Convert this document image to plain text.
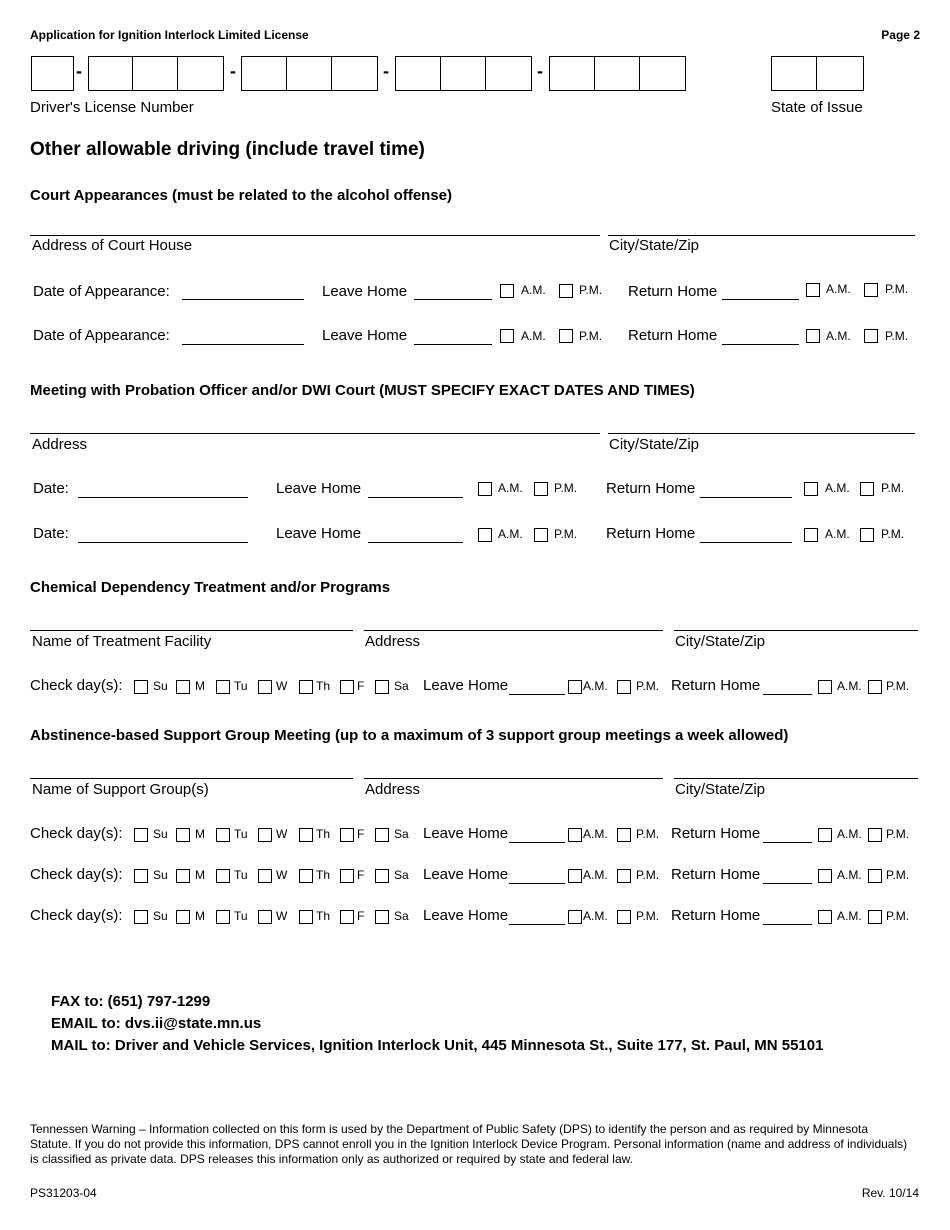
Application for Ignition Interlock Limited License	Page 2
-	-	-	-
Driver's License Number	State of Issue
Other allowable driving (include travel time)
Court Appearances (must be related to the alcohol offense)
Address of Court House	City/State/Zip
Date of Appearance:	Leave Home	A.M.	P.M. Return Home	A.M.	P.M.
Date of Appearance:	Leave Home	A.M.	P.M. Return Home	A.M.	P.M.
Meeting with Probation Officer and/or DWI Court (MUST SPECIFY EXACT DATES AND TIMES)
Address	City/State/Zip
Date:	Leave Home	A.M.	P.M. Return Home	A.M.	P.M.
Date:	Leave Home	A.M.	P.M. Return Home	A.M.	P.M.
Chemical Dependency Treatment and/or Programs
Name of Treatment Facility	Address	City/State/Zip
Check day(s):	Su M Tu W Th F Sa Leave Home	A.M. P.M. Return Home	A.M. P.M.
Abstinence-based Support Group Meeting (up to a maximum of 3 support group meetings a week allowed)
Name of Support Group(s)	Address	City/State/Zip
Check day(s):	Su M Tu W Th F Sa Leave Home	A.M. P.M. Return Home	A.M. P.M.
Check day(s):	Su M Tu W Th F Sa Leave Home	A.M. P.M. Return Home	A.M. P.M.
Check day(s):	Su M Tu W Th F Sa Leave Home	A.M. P.M. Return Home	A.M. P.M.
FAX to: (651) 797-1299
EMAIL to: dvs.ii@state.mn.us
MAIL to: Driver and Vehicle Services, Ignition Interlock Unit, 445 Minnesota St., Suite 177, St. Paul, MN 55101
Tennessen Warning – Information collected on this form is used by the Department of Public Safety (DPS) to identify the person and as required by Minnesota Statute. If you do not provide this information, DPS cannot enroll you in the Ignition Interlock Device Program. Personal information (name and address of individuals) is classified as private data. DPS releases this information only as authorized or required by state and federal law.
PS31203-04	Rev. 10/14
